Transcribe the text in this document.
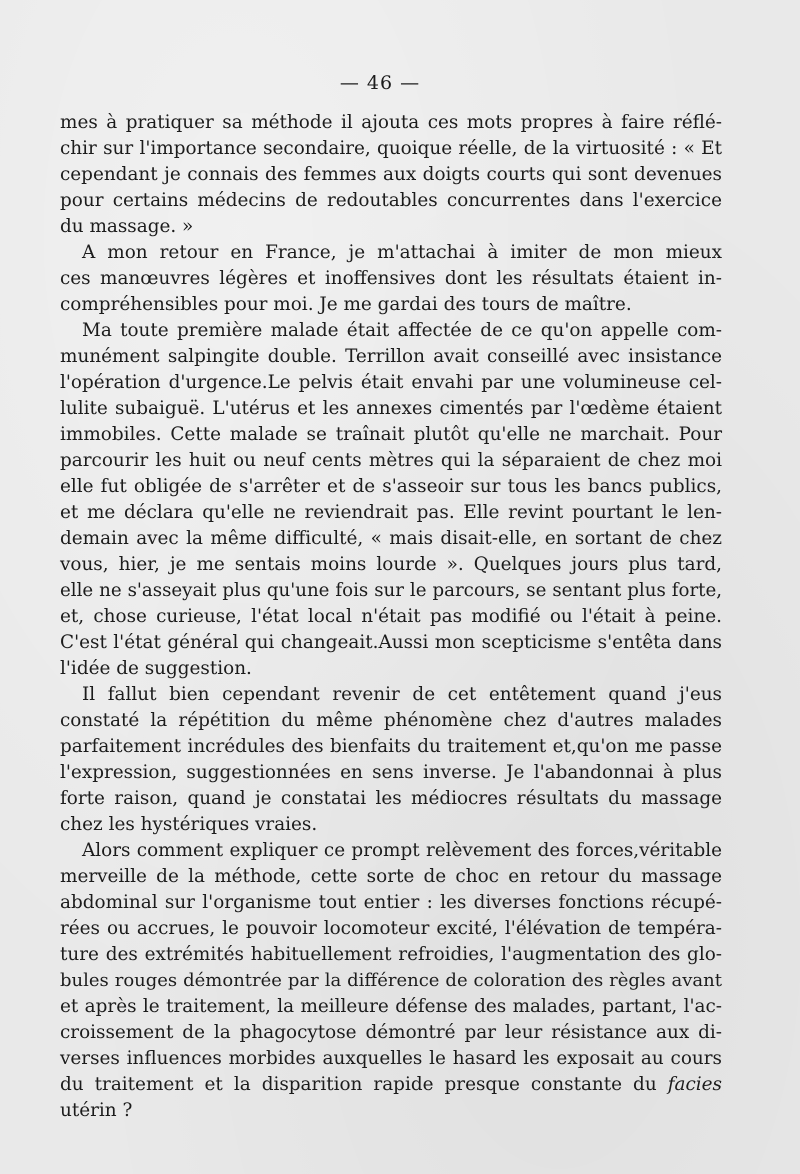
— 46 —
mes à pratiquer sa méthode il ajouta ces mots propres à faire réflé-
chir sur l'importance secondaire, quoique réelle, de la virtuosité : « Et
cependant je connais des femmes aux doigts courts qui sont devenues
pour certains médecins de redoutables concurrentes dans l'exercice
du massage. »
A mon retour en France, je m'attachai à imiter de mon mieux
ces manœuvres légères et inoffensives dont les résultats étaient in-
compréhensibles pour moi. Je me gardai des tours de maître.
Ma toute première malade était affectée de ce qu'on appelle com-
munément salpingite double. Terrillon avait conseillé avec insistance
l'opération d'urgence.Le pelvis était envahi par une volumineuse cel-
lulite subaiguë. L'utérus et les annexes cimentés par l'œdème étaient
immobiles. Cette malade se traînait plutôt qu'elle ne marchait. Pour
parcourir les huit ou neuf cents mètres qui la séparaient de chez moi
elle fut obligée de s'arrêter et de s'asseoir sur tous les bancs publics,
et me déclara qu'elle ne reviendrait pas. Elle revint pourtant le len-
demain avec la même difficulté, « mais disait-elle, en sortant de chez
vous, hier, je me sentais moins lourde ». Quelques jours plus tard,
elle ne s'asseyait plus qu'une fois sur le parcours, se sentant plus forte,
et, chose curieuse, l'état local n'était pas modifié ou l'était à peine.
C'est l'état général qui changeait.Aussi mon scepticisme s'entêta dans
l'idée de suggestion.
Il fallut bien cependant revenir de cet entêtement quand j'eus
constaté la répétition du même phénomène chez d'autres malades
parfaitement incrédules des bienfaits du traitement et,qu'on me passe
l'expression, suggestionnées en sens inverse. Je l'abandonnai à plus
forte raison, quand je constatai les médiocres résultats du massage
chez les hystériques vraies.
Alors comment expliquer ce prompt relèvement des forces,véritable
merveille de la méthode, cette sorte de choc en retour du massage
abdominal sur l'organisme tout entier : les diverses fonctions récupé-
rées ou accrues, le pouvoir locomoteur excité, l'élévation de tempéra-
ture des extrémités habituellement refroidies, l'augmentation des glo-
bules rouges démontrée par la différence de coloration des règles avant
et après le traitement, la meilleure défense des malades, partant, l'ac-
croissement de la phagocytose démontré par leur résistance aux di-
verses influences morbides auxquelles le hasard les exposait au cours
du traitement et la disparition rapide presque constante du facies
utérin ?
